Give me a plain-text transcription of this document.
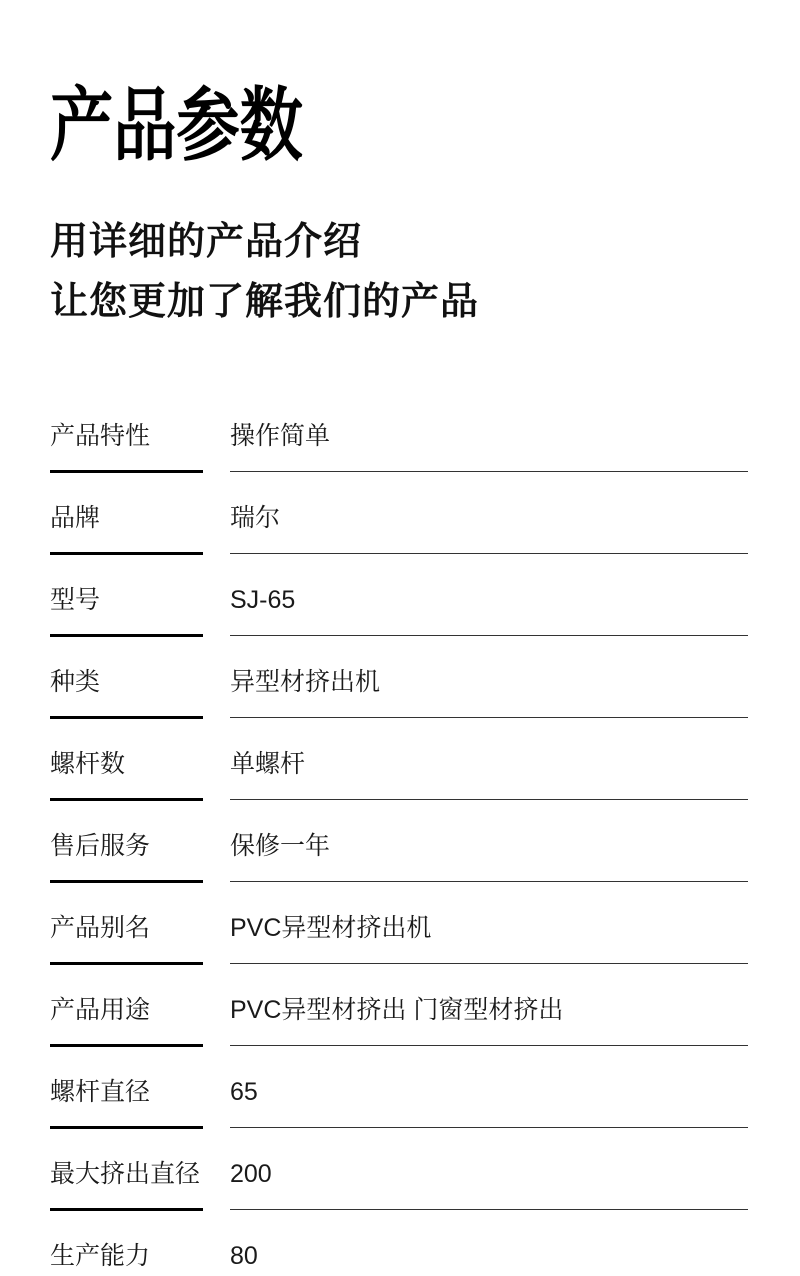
产品参数
用详细的产品介绍
让您更加了解我们的产品
产品特性	操作简单
品牌	瑞尔
型号	SJ-65
种类	异型材挤出机
螺杆数	单螺杆
售后服务	保修一年
产品别名	PVC异型材挤出机
产品用途	PVC异型材挤出 门窗型材挤出
螺杆直径	65
最大挤出直径	200
生产能力	80
